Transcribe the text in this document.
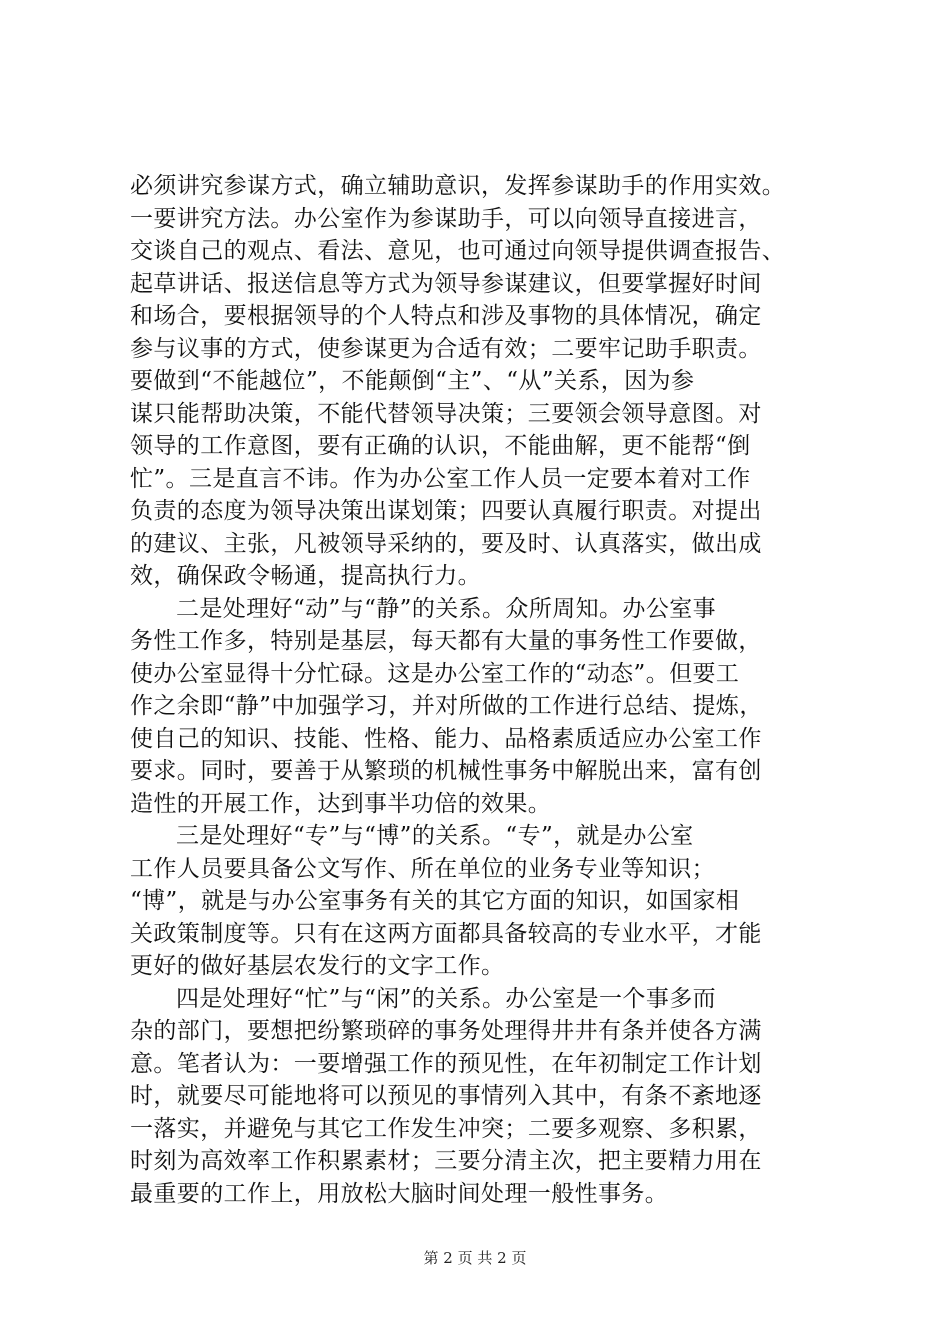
必须讲究参谋方式，确立辅助意识，发挥参谋助手的作用实效。
一要讲究方法。办公室作为参谋助手，可以向领导直接进言，
交谈自己的观点、看法、意见，也可通过向领导提供调查报告、
起草讲话、报送信息等方式为领导参谋建议，但要掌握好时间
和场合，要根据领导的个人特点和涉及事物的具体情况，确定
参与议事的方式，使参谋更为合适有效；二要牢记助手职责。
要做到“不能越位”，不能颠倒“主”、“从”关系，因为参
谋只能帮助决策，不能代替领导决策；三要领会领导意图。对
领导的工作意图，要有正确的认识，不能曲解，更不能帮“倒
忙”。三是直言不讳。作为办公室工作人员一定要本着对工作
负责的态度为领导决策出谋划策；四要认真履行职责。对提出
的建议、主张，凡被领导采纳的，要及时、认真落实，做出成
效，确保政令畅通，提高执行力。
二是处理好“动”与“静”的关系。众所周知。办公室事
务性工作多，特别是基层，每天都有大量的事务性工作要做，
使办公室显得十分忙碌。这是办公室工作的“动态”。但要工
作之余即“静”中加强学习，并对所做的工作进行总结、提炼，
使自己的知识、技能、性格、能力、品格素质适应办公室工作
要求。同时，要善于从繁琐的机械性事务中解脱出来，富有创
造性的开展工作，达到事半功倍的效果。
三是处理好“专”与“博”的关系。“专”，就是办公室
工作人员要具备公文写作、所在单位的业务专业等知识；
“博”，就是与办公室事务有关的其它方面的知识，如国家相
关政策制度等。只有在这两方面都具备较高的专业水平，才能
更好的做好基层农发行的文字工作。
四是处理好“忙”与“闲”的关系。办公室是一个事多而
杂的部门，要想把纷繁琐碎的事务处理得井井有条并使各方满
意。笔者认为：一要增强工作的预见性，在年初制定工作计划
时，就要尽可能地将可以预见的事情列入其中，有条不紊地逐
一落实，并避免与其它工作发生冲突；二要多观察、多积累，
时刻为高效率工作积累素材；三要分清主次，把主要精力用在
最重要的工作上，用放松大脑时间处理一般性事务。
第 2 页 共 2 页
